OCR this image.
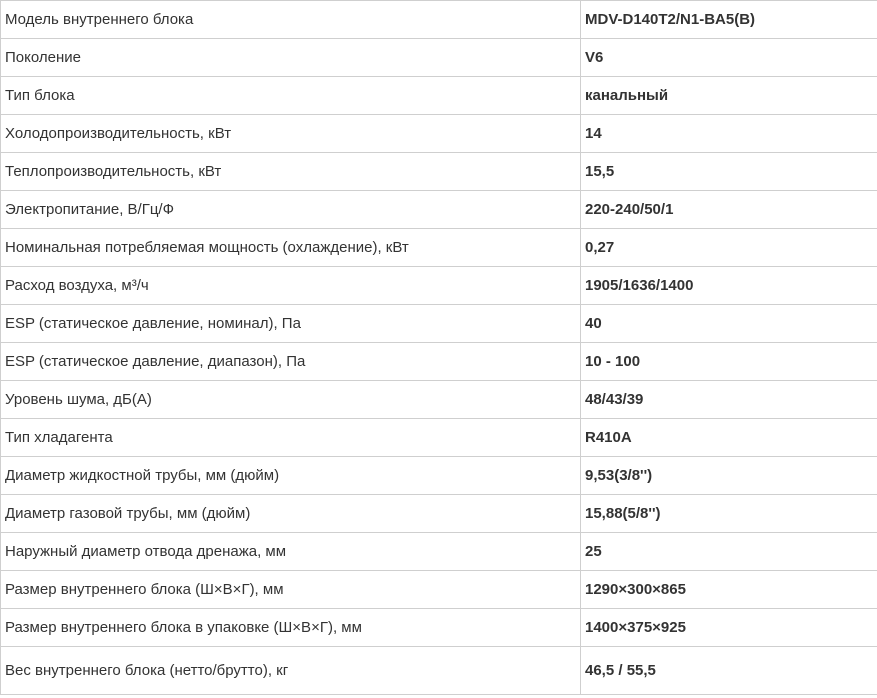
Модель внутреннего блока	MDV-D140T2/N1-BA5(B)
Поколение	V6
Тип блока	канальный
Холодопроизводительность, кВт	14
Теплопроизводительность, кВт	15,5
Электропитание, В/Гц/Ф	220-240/50/1
Номинальная потребляемая мощность (охлаждение), кВт	0,27
Расход воздуха, м³/ч	1905/1636/1400
ESP (статическое давление, номинал), Па	40
ESP (статическое давление, диапазон), Па	10 - 100
Уровень шума, дБ(А)	48/43/39
Тип хладагента	R410A
Диаметр жидкостной трубы, мм (дюйм)	9,53(3/8'')
Диаметр газовой трубы, мм (дюйм)	15,88(5/8'')
Наружный диаметр отвода дренажа, мм	25
Размер внутреннего блока (Ш×В×Г), мм	1290×300×865
Размер внутреннего блока в упаковке (Ш×В×Г), мм	1400×375×925
Вес внутреннего блока (нетто/брутто), кг	46,5 / 55,5
